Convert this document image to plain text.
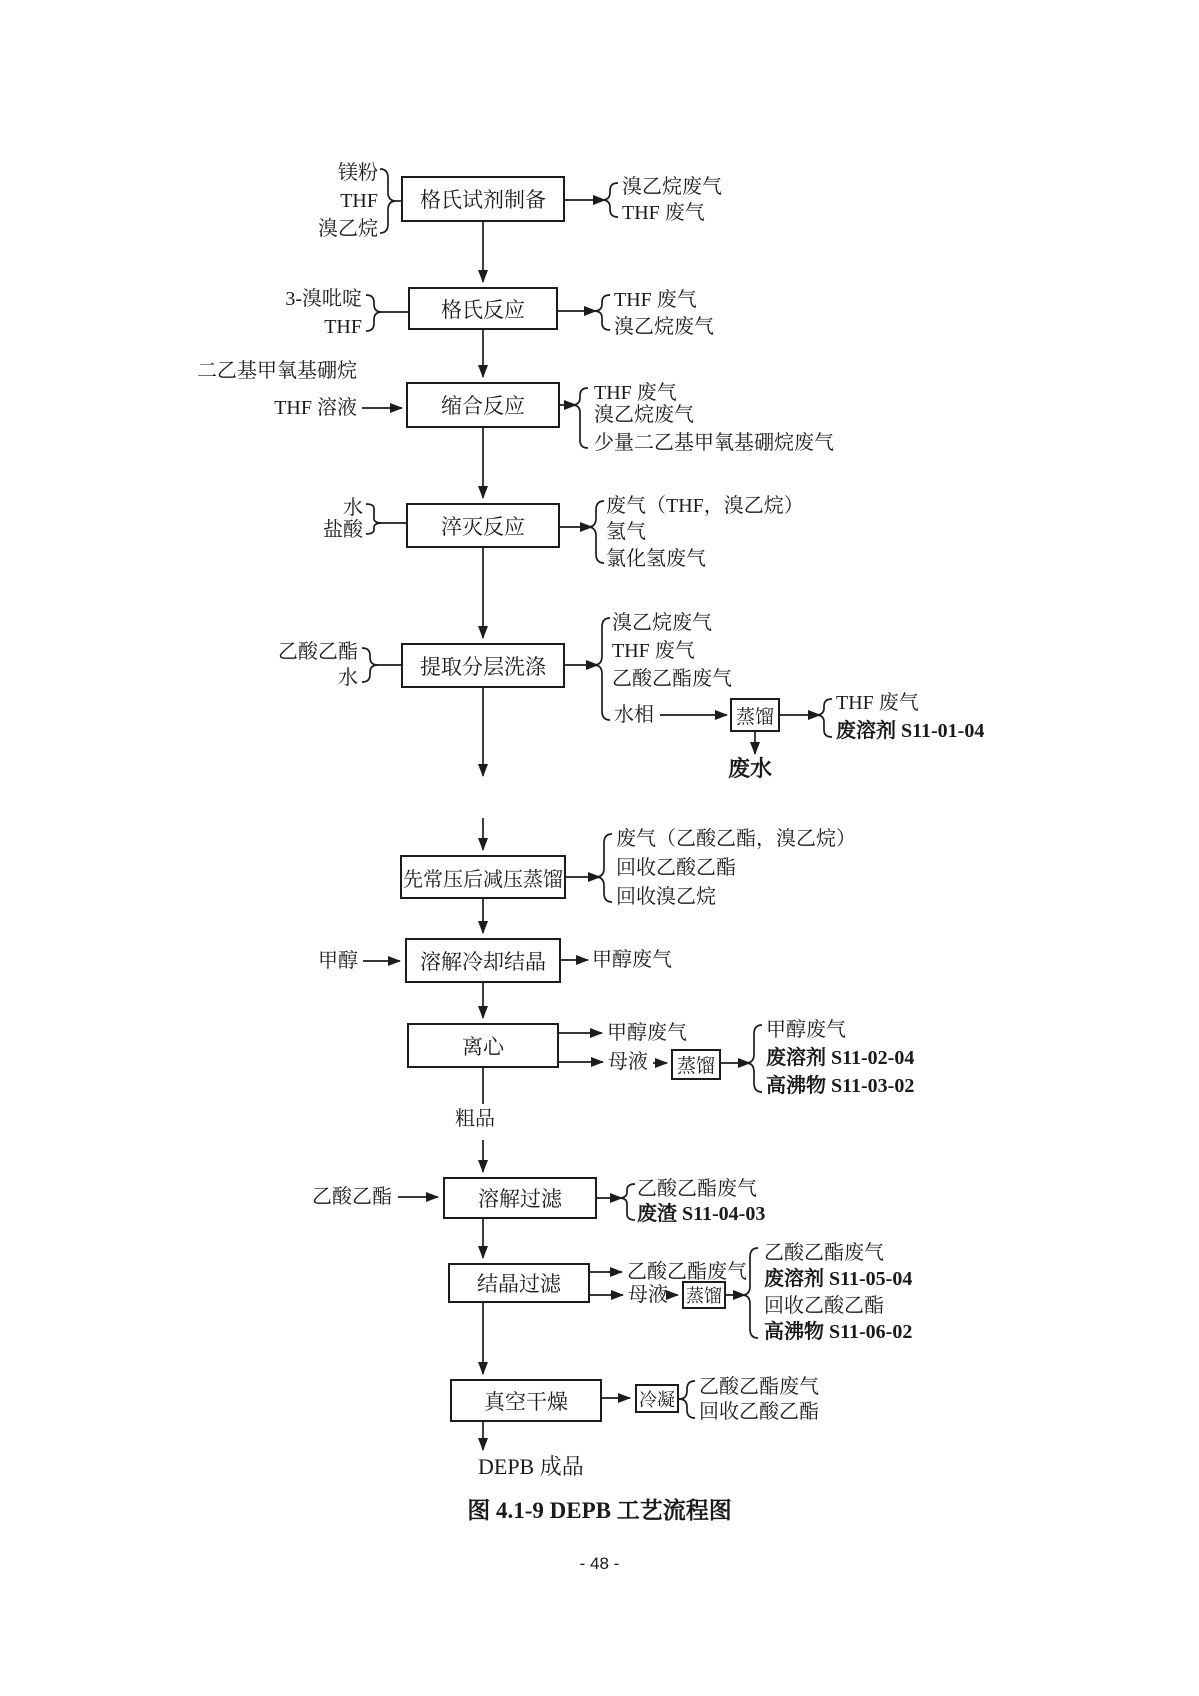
格氏试剂制备
格氏反应
缩合反应
淬灭反应
提取分层洗涤
先常压后减压蒸馏
溶解冷却结晶
离心
溶解过滤
结晶过滤
真空干燥
蒸馏
蒸馏
蒸馏
冷凝
镁粉
THF
溴乙烷
3-溴吡啶
THF
二乙基甲氧基硼烷
THF 溶液
水
盐酸
乙酸乙酯
水
甲醇
乙酸乙酯
溴乙烷废气
THF 废气
THF 废气
溴乙烷废气
THF 废气
溴乙烷废气
少量二乙基甲氧基硼烷废气
废气（THF，溴乙烷）
氢气
氯化氢废气
溴乙烷废气
THF 废气
乙酸乙酯废气
水相
THF 废气
废溶剂 S11-01-04
废水
废气（乙酸乙酯，溴乙烷）
回收乙酸乙酯
回收溴乙烷
甲醇废气
甲醇废气
母液
甲醇废气
废溶剂 S11-02-04
高沸物 S11-03-02
粗品
乙酸乙酯废气
废渣 S11-04-03
乙酸乙酯废气
母液
乙酸乙酯废气
废溶剂 S11-05-04
回收乙酸乙酯
高沸物 S11-06-02
乙酸乙酯废气
回收乙酸乙酯
DEPB 成品
图 4.1-9 DEPB 工艺流程图
- 48 -
